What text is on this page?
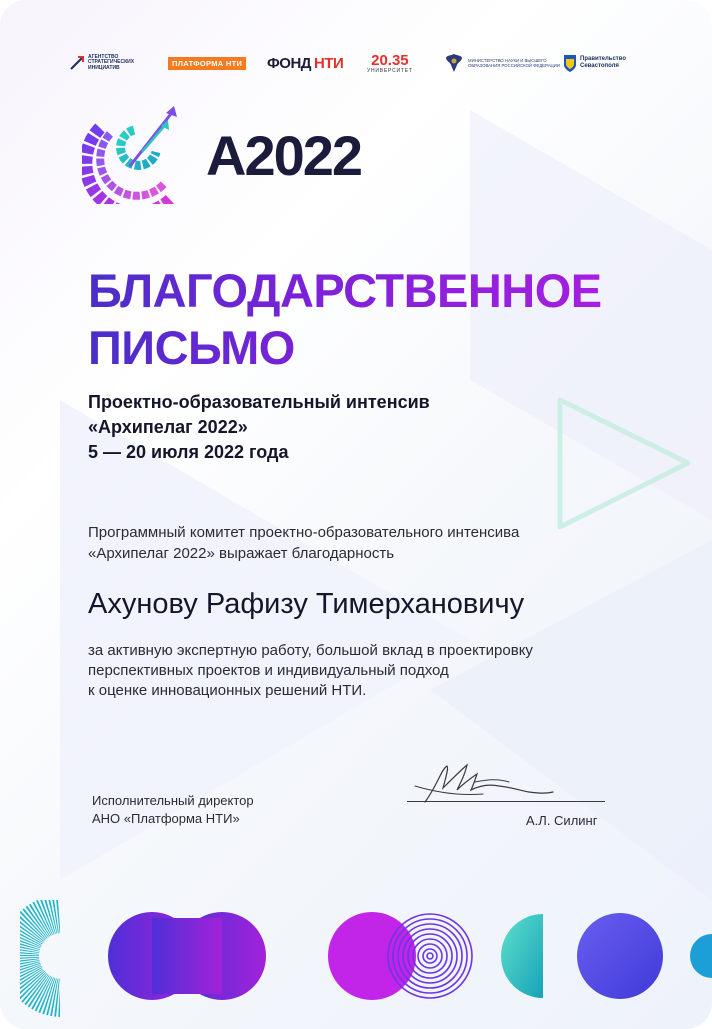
АГЕНТСТВО СТРАТЕГИЧЕСКИХ ИНИЦИАТИВ
ПЛАТФОРМА НТИ ФОНД НТИ 20.35
УНИВЕРСИТЕТ
МИНИСТЕРСТВО НАУКИ И ВЫСШЕГО ОБРАЗОВАНИЯ РОССИЙСКОЙ ФЕДЕРАЦИИ
Правительство
Севастополя
A2022
БЛАГОДАРСТВЕННОЕ
ПИСЬМО
Проектно-образовательный интенсив
«Архипелаг 2022»
5 — 20 июля 2022 года
Программный комитет проектно-образовательного интенсива
«Архипелаг 2022» выражает благодарность
Ахунову Рафизу Тимерхановичу
за активную экспертную работу, большой вклад в проектировку
перспективных проектов и индивидуальный подход
к оценке инновационных решений НТИ.
Исполнительный директор
АНО «Платформа НТИ»	А.Л. Силинг
